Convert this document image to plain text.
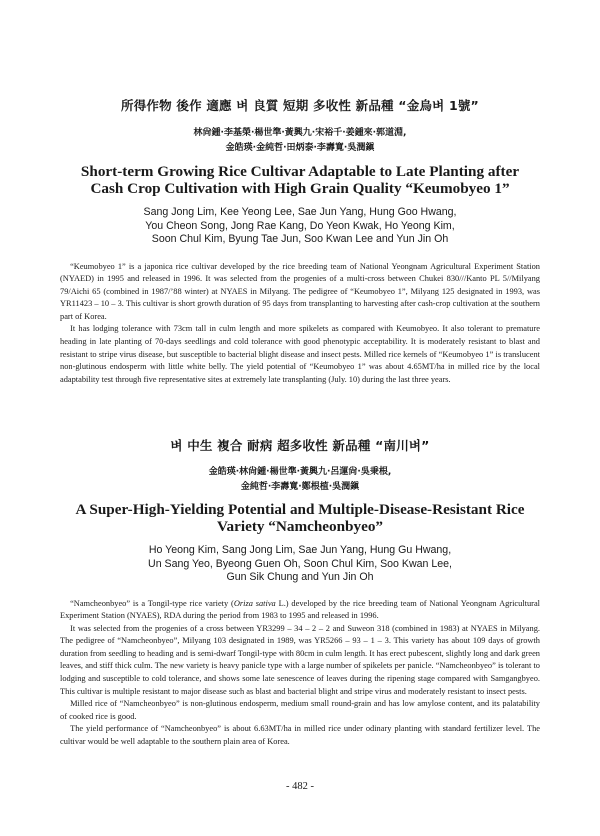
所得作物 後作 適應 벼 良質 短期 多收性 新品種 “金烏벼 1號”
林尙鍾·李基榮·楊世準·黃興九·宋裕千·姜鍾來·郭道淵,
金皓瑛·金純哲·田炳泰·李壽寬·吳潤鎭
Short-term Growing Rice Cultivar Adaptable to Late Planting after
Cash Crop Cultivation with High Grain Quality “Keumobyeo 1”
Sang Jong Lim, Kee Yeong Lee, Sae Jun Yang, Hung Goo Hwang,
You Cheon Song, Jong Rae Kang, Do Yeon Kwak, Ho Yeong Kim,
Soon Chul Kim, Byung Tae Jun, Soo Kwan Lee and Yun Jin Oh

“Keumobyeo 1” is a japonica rice cultivar developed by the rice breeding team of National Yeongnam Agricultural Experiment Station (NYAED) in 1995 and released in 1996. It was selected from the progenies of a multi-cross between Chukei 830///Kanto PL 5//Milyang 79/Aichi 65 (combined in 1987/’88 winter) at NYAES in Milyang. The pedigree of “Keumobyeo 1”, Milyang 125 designated in 1993, was YR11423 – 10 – 3. This cultivar is short growth duration of 95 days from transplanting to harvesting after cash-crop cultivation at the southern part of Korea.

It has lodging tolerance with 73cm tall in culm length and more spikelets as compared with Keumobyeo. It also tolerant to premature heading in late planting of 70-days seedlings and cold tolerance with good phenotypic acceptability. It is moderately resistant to blast and resistant to stripe virus disease, but susceptible to bacterial blight disease and insect pests. Milled rice kernels of “Keumobyeo 1” is translucent non-glutinous endosperm with little white belly. The yield potential of “Keumobyeo 1” was about 4.65MT/ha in milled rice by the local adaptability test through five representative sites at extremely late transplanting (July. 10) during the last three years.

벼 中生 複合 耐病 超多收性 新品種 “南川벼”
金皓瑛·林尙鍾·楊世準·黃興九·呂運尙·吳秉根,
金純哲·李壽寬·鄭根植·吳潤鎭
A Super-High-Yielding Potential and Multiple-Disease-Resistant Rice
Variety “Namcheonbyeo”
Ho Yeong Kim, Sang Jong Lim, Sae Jun Yang, Hung Gu Hwang,
Un Sang Yeo, Byeong Guen Oh, Soon Chul Kim, Soo Kwan Lee,
Gun Sik Chung and Yun Jin Oh

“Namcheonbyeo” is a Tongil-type rice variety (Oriza sativa L.) developed by the rice breeding team of National Yeongnam Agricultural Experiment Station (NYAES), RDA during the period from 1983 to 1995 and released in 1996.

It was selected from the progenies of a cross between YR3299 – 34 – 2 – 2 and Suweon 318 (combined in 1983) at NYAES in Milyang. The pedigree of “Namcheonbyeo”, Milyang 103 designated in 1989, was YR5266 – 93 – 1 – 3. This variety has about 109 days of growth duration from seedling to heading and is semi-dwarf Tongil-type with 80cm in culm length. It has erect pubescent, slightly long and dark green leaves, and stiff thick culm. The new variety is heavy panicle type with a large number of spikelets per panicle. “Namcheonbyeo” is tolerant to lodging and susceptible to cold tolerance, and shows some late senescence of leaves during the ripening stage compared with Samgangbyeo. This cultivar is multiple resistant to major disease such as blast and bacterial blight and stripe virus and moderately resistant to insect pests.

Milled rice of “Namcheonbyeo” is non-glutinous endosperm, medium small round-grain and has low amylose content, and its palatability of cooked rice is good.

The yield performance of “Namcheonbyeo” is about 6.63MT/ha in milled rice under odinary planting with standard fertilizer level. The cultivar would be well adaptable to the southern plain area of Korea.

- 482 -
